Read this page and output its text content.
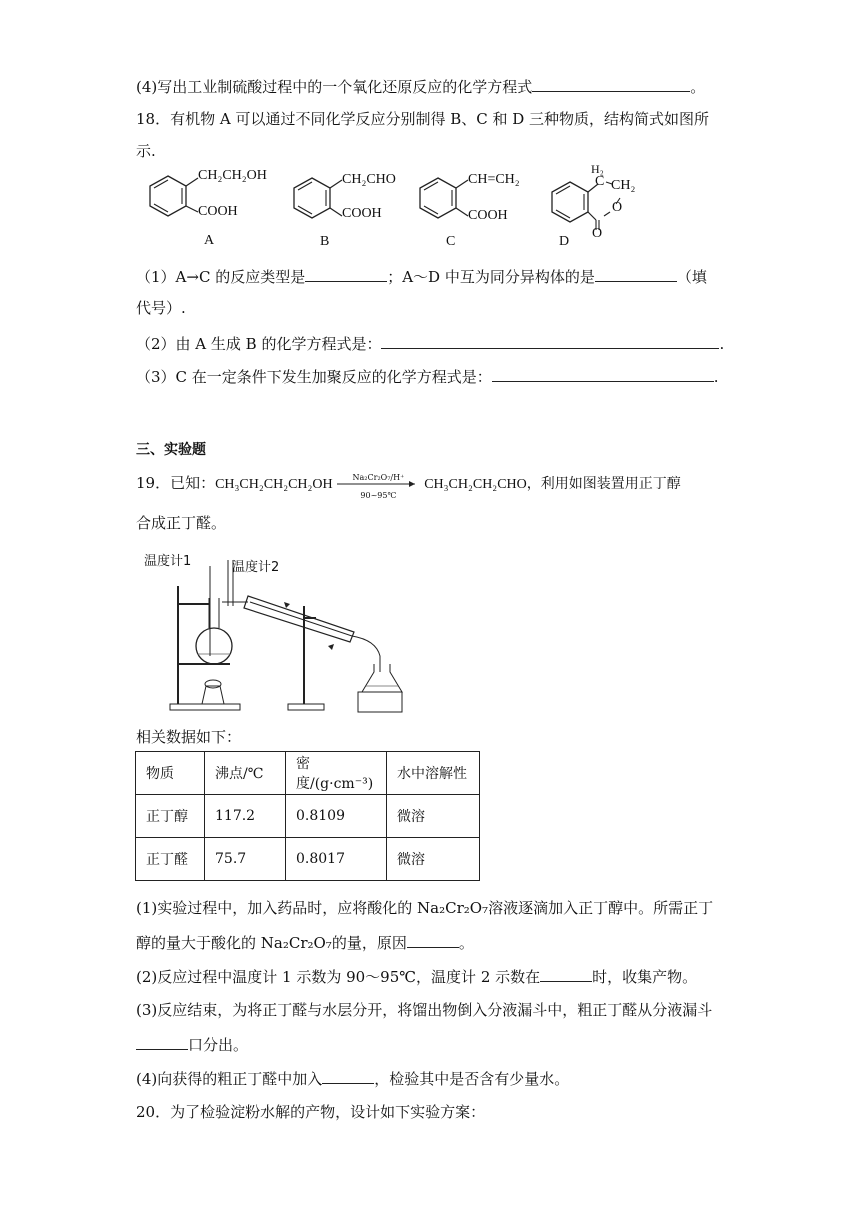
(4)写出工业制硫酸过程中的一个氧化还原反应的化学方程式	。
18．有机物 A 可以通过不同化学反应分别制得 B、C 和 D 三种物质，结构简式如图所
示.
CH₂CH₂OH
COOH
A
CH₂CHO
COOH
B
CH=CH₂
COOH
C
H₂
C CH₂
O
O
D
（1）A→C 的反应类型是	；A～D 中互为同分异构体的是	（填
代号）.
（2）由 A 生成 B 的化学方程式是：	.
（3）C 在一定条件下发生加聚反应的化学方程式是：	.
三、实验题
19．已知：CH₃CH₂CH₂CH₂OH	Na₂Cr₂O₇/H⁺
90~95℃
CH₃CH₂CH₂CHO，利用如图装置用正丁醇
合成正丁醛。
温度计1	温度计2
相关数据如下：
物质	沸点/℃	密度/(g·cm⁻³)	水中溶解性
正丁醇	117.2	0.8109	微溶
正丁醛	75.7	0.8017	微溶
(1)实验过程中，加入药品时，应将酸化的 Na₂Cr₂O₇溶液逐滴加入正丁醇中。所需正丁
醇的量大于酸化的 Na₂Cr₂O₇的量，原因	。
(2)反应过程中温度计 1 示数为 90～95℃，温度计 2 示数在	时，收集产物。
(3)反应结束，为将正丁醛与水层分开，将馏出物倒入分液漏斗中，粗正丁醛从分液漏斗
口分出。
(4)向获得的粗正丁醛中加入	，检验其中是否含有少量水。
20．为了检验淀粉水解的产物，设计如下实验方案：
